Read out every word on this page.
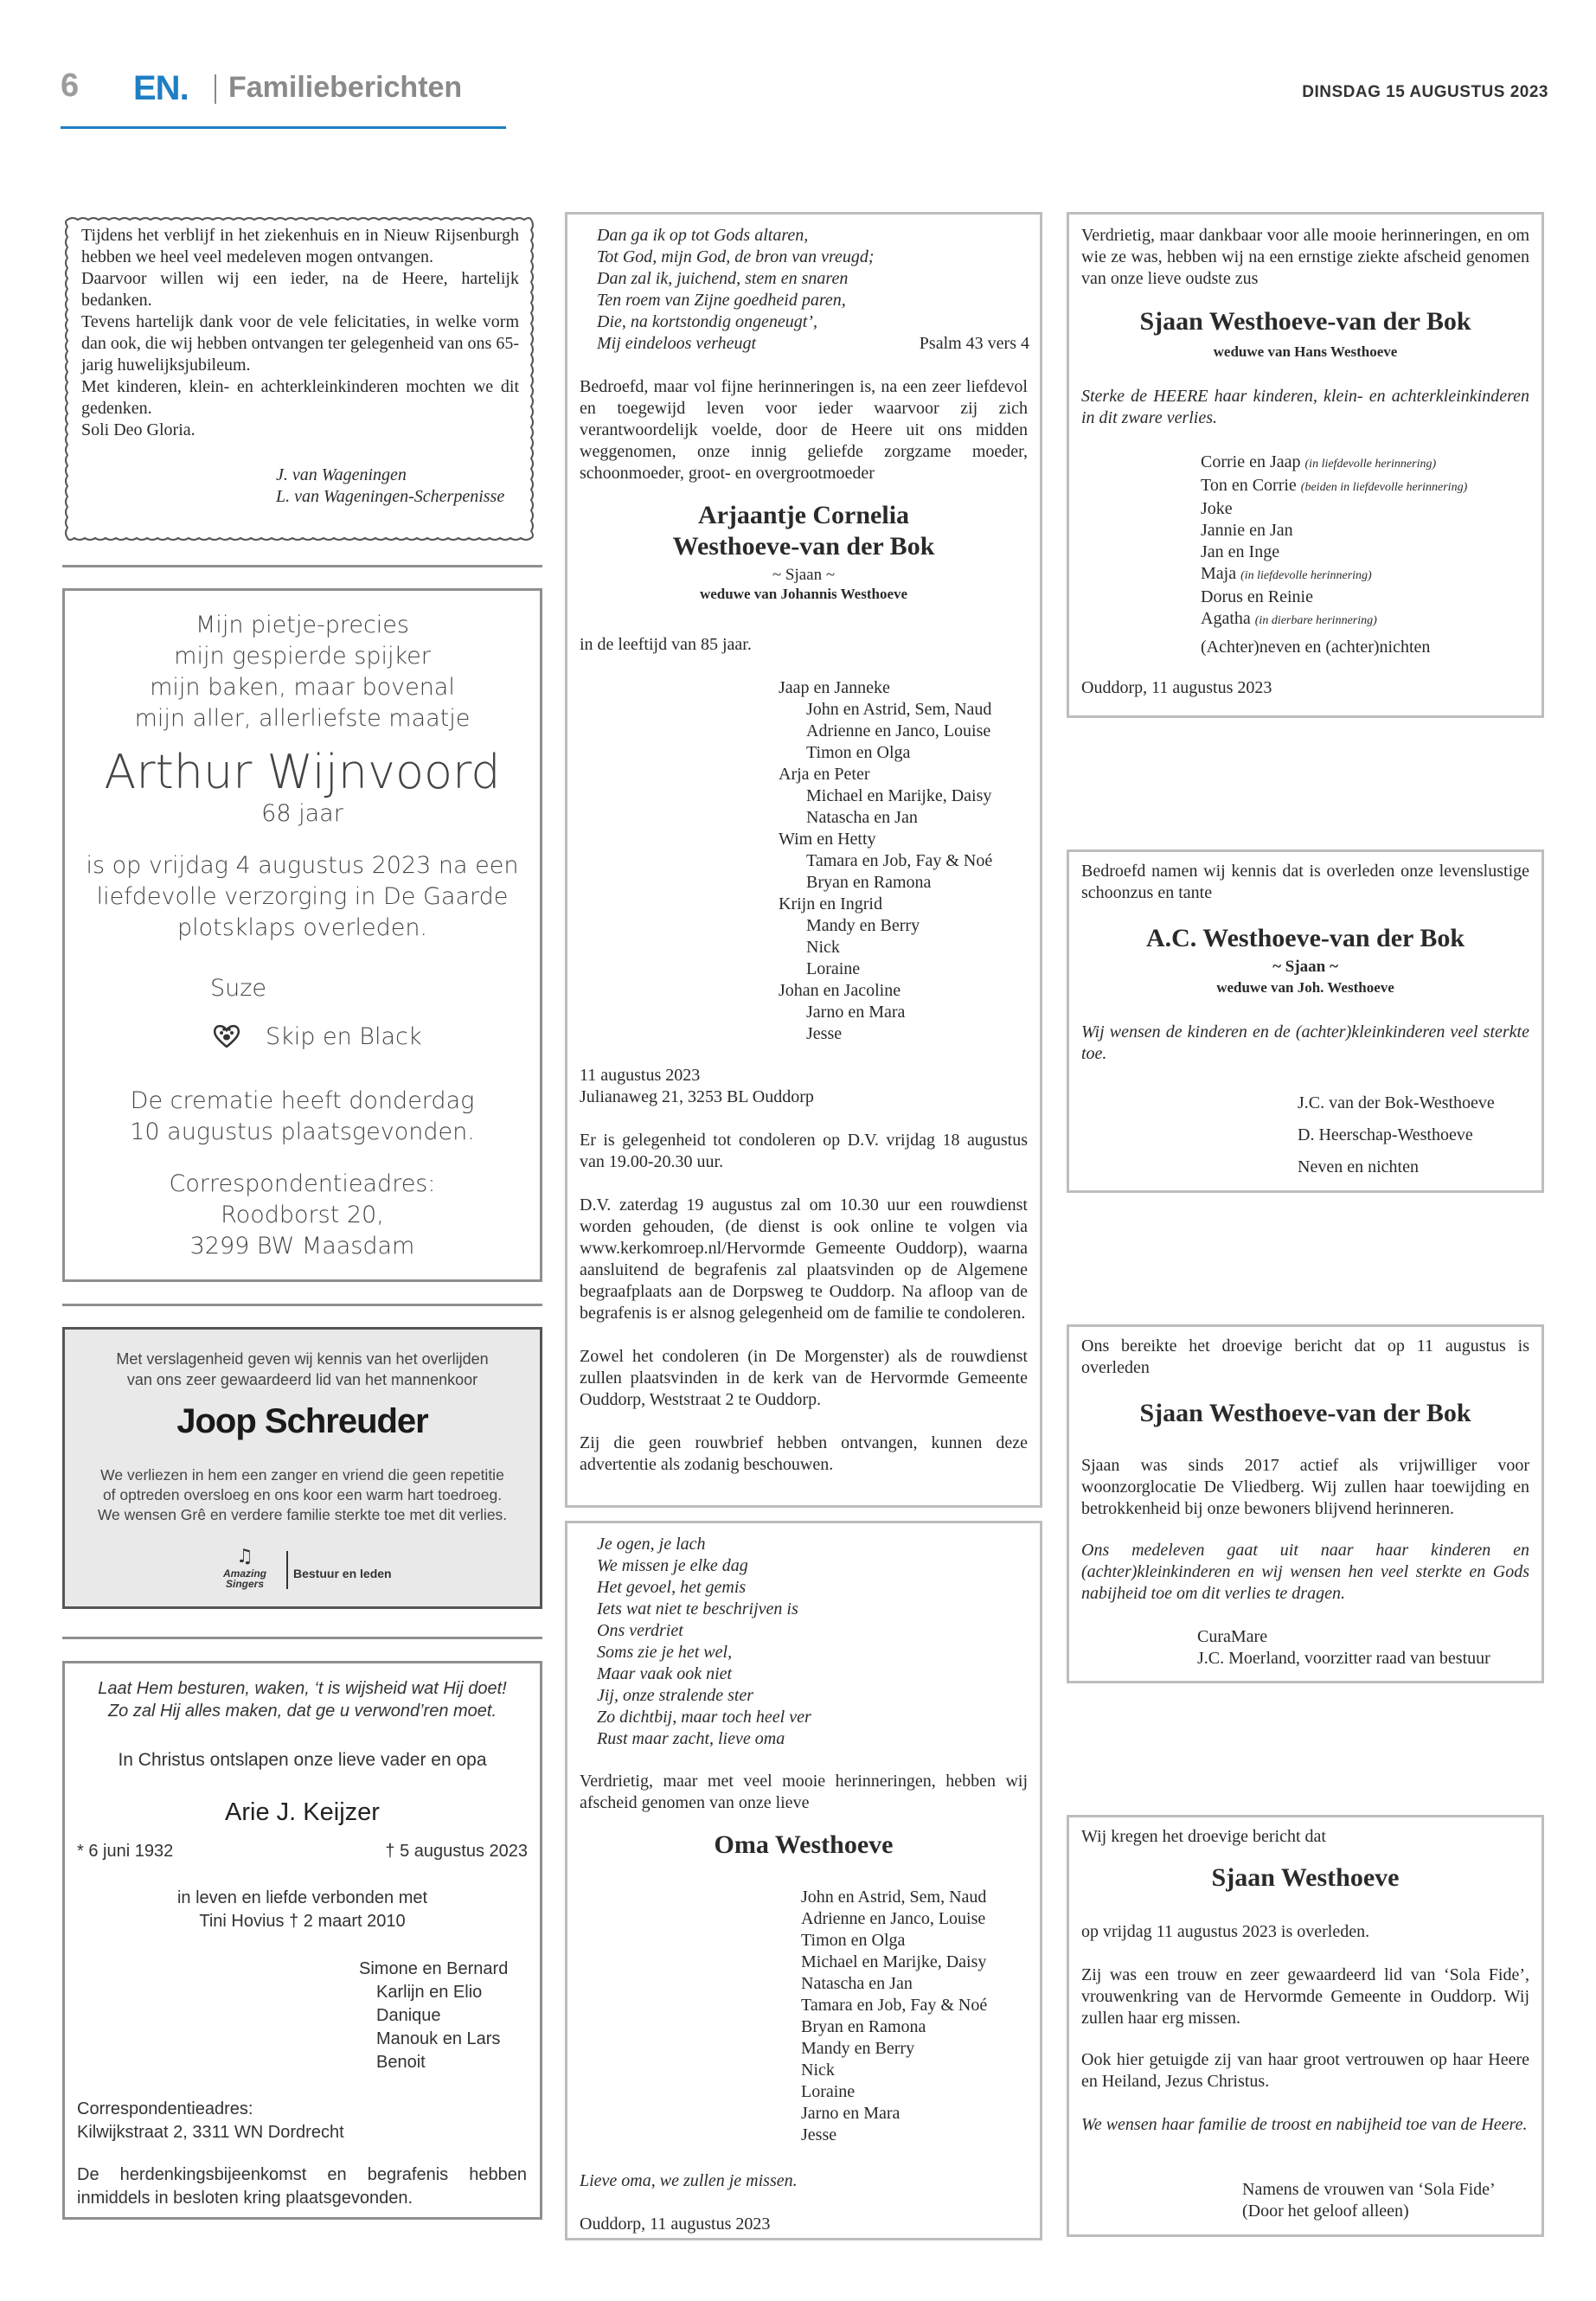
6 EN. Familieberichten	DINSDAG 15 AUGUSTUS 2023
Tijdens het verblijf in het ziekenhuis en in Nieuw Rijsenburgh hebben we heel veel medeleven mogen ontvangen.
Daarvoor willen wij een ieder, na de Heere, hartelijk bedanken.
Tevens hartelijk dank voor de vele felicitaties, in welke vorm dan ook, die wij hebben ontvangen ter gelegenheid van ons 65-jarig huwelijksjubileum.
Met kinderen, klein- en achterkleinkinderen mochten we dit gedenken.
Soli Deo Gloria.
J. van Wageningen
L. van Wageningen-Scherpenisse
Mijn pietje-precies
mijn gespierde spijker
mijn baken, maar bovenal
mijn aller, allerliefste maatje
Arthur Wijnvoord
68 jaar
is op vrijdag 4 augustus 2023 na een
liefdevolle verzorging in De Gaarde
plotsklaps overleden.
Suze
Skip en Black
De crematie heeft donderdag
10 augustus plaatsgevonden.
Correspondentieadres:
Roodborst 20,
3299 BW Maasdam
Met verslagenheid geven wij kennis van het overlijden
van ons zeer gewaardeerd lid van het mannenkoor
Joop Schreuder
We verliezen in hem een zanger en vriend die geen repetitie
of optreden oversloeg en ons koor een warm hart toedroeg.
We wensen Grê en verdere familie sterkte toe met dit verlies.
♫
Amazing Singers
Bestuur en leden
Laat Hem besturen, waken, ‘t is wijsheid wat Hij doet!
Zo zal Hij alles maken, dat ge u verwond’ren moet.
In Christus ontslapen onze lieve vader en opa
Arie J. Keijzer
* 6 juni 1932	† 5 augustus 2023
in leven en liefde verbonden met
Tini Hovius † 2 maart 2010
Simone en Bernard
Karlijn en Elio
Danique
Manouk en Lars
Benoit
Correspondentieadres:
Kilwijkstraat 2, 3311 WN Dordrecht
De herdenkingsbijeenkomst en begrafenis hebben inmiddels in besloten kring plaatsgevonden.
Dan ga ik op tot Gods altaren,
Tot God, mijn God, de bron van vreugd;
Dan zal ik, juichend, stem en snaren
Ten roem van Zijne goedheid paren,
Die, na kortstondig ongeneugt’,
Mij eindeloos verheugt	Psalm 43 vers 4
Bedroefd, maar vol fijne herinneringen is, na een zeer liefdevol en toegewijd leven voor ieder waarvoor zij zich verantwoordelijk voelde, door de Heere uit ons midden weggenomen, onze innig geliefde zorgzame moeder, schoonmoeder, groot- en overgrootmoeder
Arjaantje Cornelia
Westhoeve-van der Bok
~ Sjaan ~
weduwe van Johannis Westhoeve
in de leeftijd van 85 jaar.
Jaap en Janneke
John en Astrid, Sem, Naud
Adrienne en Janco, Louise
Timon en Olga
Arja en Peter
Michael en Marijke, Daisy
Natascha en Jan
Wim en Hetty
Tamara en Job, Fay & Noé
Bryan en Ramona
Krijn en Ingrid
Mandy en Berry
Nick
Loraine
Johan en Jacoline
Jarno en Mara
Jesse
11 augustus 2023
Julianaweg 21, 3253 BL Ouddorp
Er is gelegenheid tot condoleren op D.V. vrijdag 18 augustus van 19.00-20.30 uur.
D.V. zaterdag 19 augustus zal om 10.30 uur een rouwdienst worden gehouden, (de dienst is ook online te volgen via www.kerkomroep.nl/Hervormde Gemeente Ouddorp), waarna aansluitend de begrafenis zal plaatsvinden op de Algemene begraafplaats aan de Dorpsweg te Ouddorp. Na afloop van de begrafenis is er alsnog gelegenheid om de familie te condoleren.
Zowel het condoleren (in De Morgenster) als de rouwdienst zullen plaatsvinden in de kerk van de Hervormde Gemeente Ouddorp, Weststraat 2 te Ouddorp.
Zij die geen rouwbrief hebben ontvangen, kunnen deze advertentie als zodanig beschouwen.
Je ogen, je lach
We missen je elke dag
Het gevoel, het gemis
Iets wat niet te beschrijven is
Ons verdriet
Soms zie je het wel,
Maar vaak ook niet
Jij, onze stralende ster
Zo dichtbij, maar toch heel ver
Rust maar zacht, lieve oma
Verdrietig, maar met veel mooie herinneringen, hebben wij afscheid genomen van onze lieve
Oma Westhoeve
John en Astrid, Sem, Naud
Adrienne en Janco, Louise
Timon en Olga
Michael en Marijke, Daisy
Natascha en Jan
Tamara en Job, Fay & Noé
Bryan en Ramona
Mandy en Berry
Nick
Loraine
Jarno en Mara
Jesse
Lieve oma, we zullen je missen.
Ouddorp, 11 augustus 2023
Verdrietig, maar dankbaar voor alle mooie herinneringen, en om wie ze was, hebben wij na een ernstige ziekte afscheid genomen van onze lieve oudste zus
Sjaan Westhoeve-van der Bok
weduwe van Hans Westhoeve
Sterke de HEERE haar kinderen, klein- en achterkleinkinderen in dit zware verlies.
Corrie en Jaap (in liefdevolle herinnering)
Ton en Corrie (beiden in liefdevolle herinnering)
Joke
Jannie en Jan
Jan en Inge
Maja (in liefdevolle herinnering)
Dorus en Reinie
Agatha (in dierbare herinnering)
(Achter)neven en (achter)nichten
Ouddorp, 11 augustus 2023
Bedroefd namen wij kennis dat is overleden onze levenslustige schoonzus en tante
A.C. Westhoeve-van der Bok
~ Sjaan ~
weduwe van Joh. Westhoeve
Wij wensen de kinderen en de (achter)kleinkinderen veel sterkte toe.
J.C. van der Bok-Westhoeve
D. Heerschap-Westhoeve
Neven en nichten
Ons bereikte het droevige bericht dat op 11 augustus is overleden
Sjaan Westhoeve-van der Bok
Sjaan was sinds 2017 actief als vrijwilliger voor woonzorglocatie De Vliedberg. Wij zullen haar toewijding en betrokkenheid bij onze bewoners blijvend herinneren.
Ons medeleven gaat uit naar haar kinderen en (achter)kleinkinderen en wij wensen hen veel sterkte en Gods nabijheid toe om dit verlies te dragen.
CuraMare
J.C. Moerland, voorzitter raad van bestuur
Wij kregen het droevige bericht dat
Sjaan Westhoeve
op vrijdag 11 augustus 2023 is overleden.
Zij was een trouw en zeer gewaardeerd lid van ‘Sola Fide’, vrouwenkring van de Hervormde Gemeente in Ouddorp. Wij zullen haar erg missen.
Ook hier getuigde zij van haar groot vertrouwen op haar Heere en Heiland, Jezus Christus.
We wensen haar familie de troost en nabijheid toe van de Heere.
Namens de vrouwen van ‘Sola Fide’
(Door het geloof alleen)
